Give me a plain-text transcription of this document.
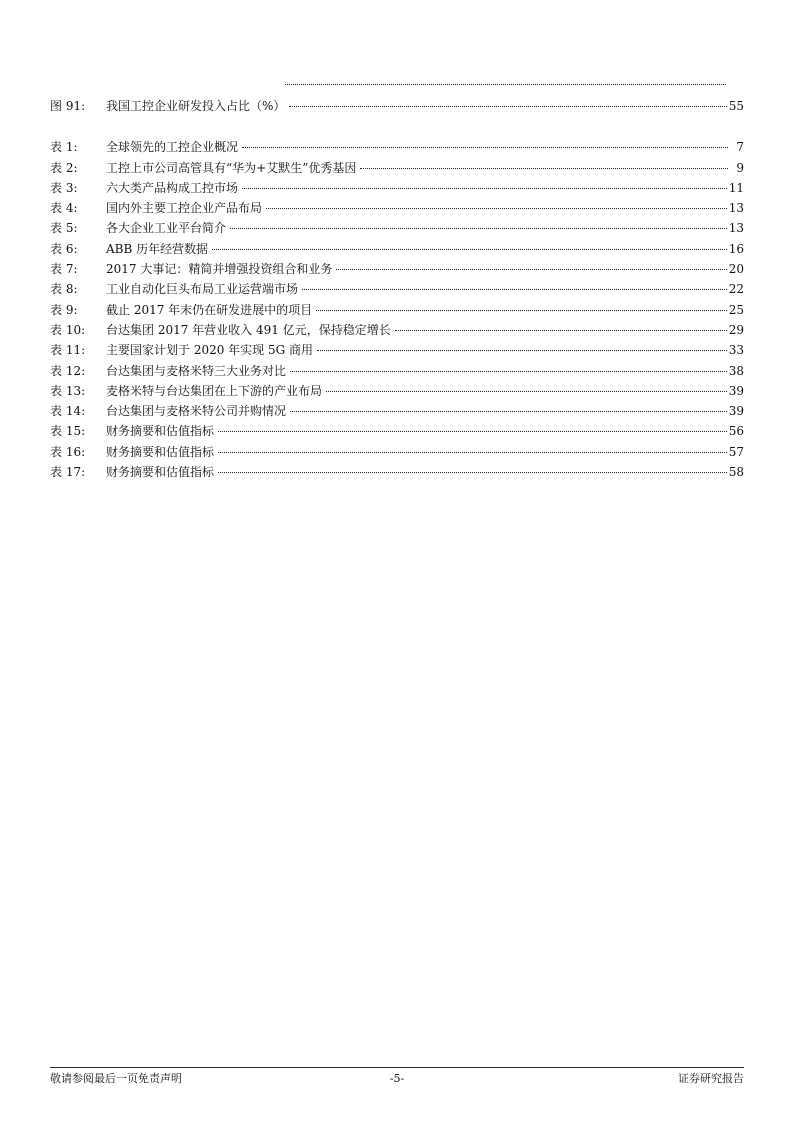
图 91:	我国工控企业研发投入占比（%）	55
表 1:	全球领先的工控企业概况	7
表 2:	工控上市公司高管具有“华为+艾默生”优秀基因	9
表 3:	六大类产品构成工控市场	11
表 4:	国内外主要工控企业产品布局	13
表 5:	各大企业工业平台简介	13
表 6:	ABB 历年经营数据	16
表 7:	2017 大事记：精简并增强投资组合和业务	20
表 8:	工业自动化巨头布局工业运营端市场	22
表 9:	截止 2017 年末仍在研发进展中的项目	25
表 10:	台达集团 2017 年营业收入 491 亿元，保持稳定增长	29
表 11:	主要国家计划于 2020 年实现 5G 商用	33
表 12:	台达集团与麦格米特三大业务对比	38
表 13:	麦格米特与台达集团在上下游的产业布局	39
表 14:	台达集团与麦格米特公司并购情况	39
表 15:	财务摘要和估值指标	56
表 16:	财务摘要和估值指标	57
表 17:	财务摘要和估值指标	58
敬请参阅最后一页免责声明	-5-	证券研究报告
